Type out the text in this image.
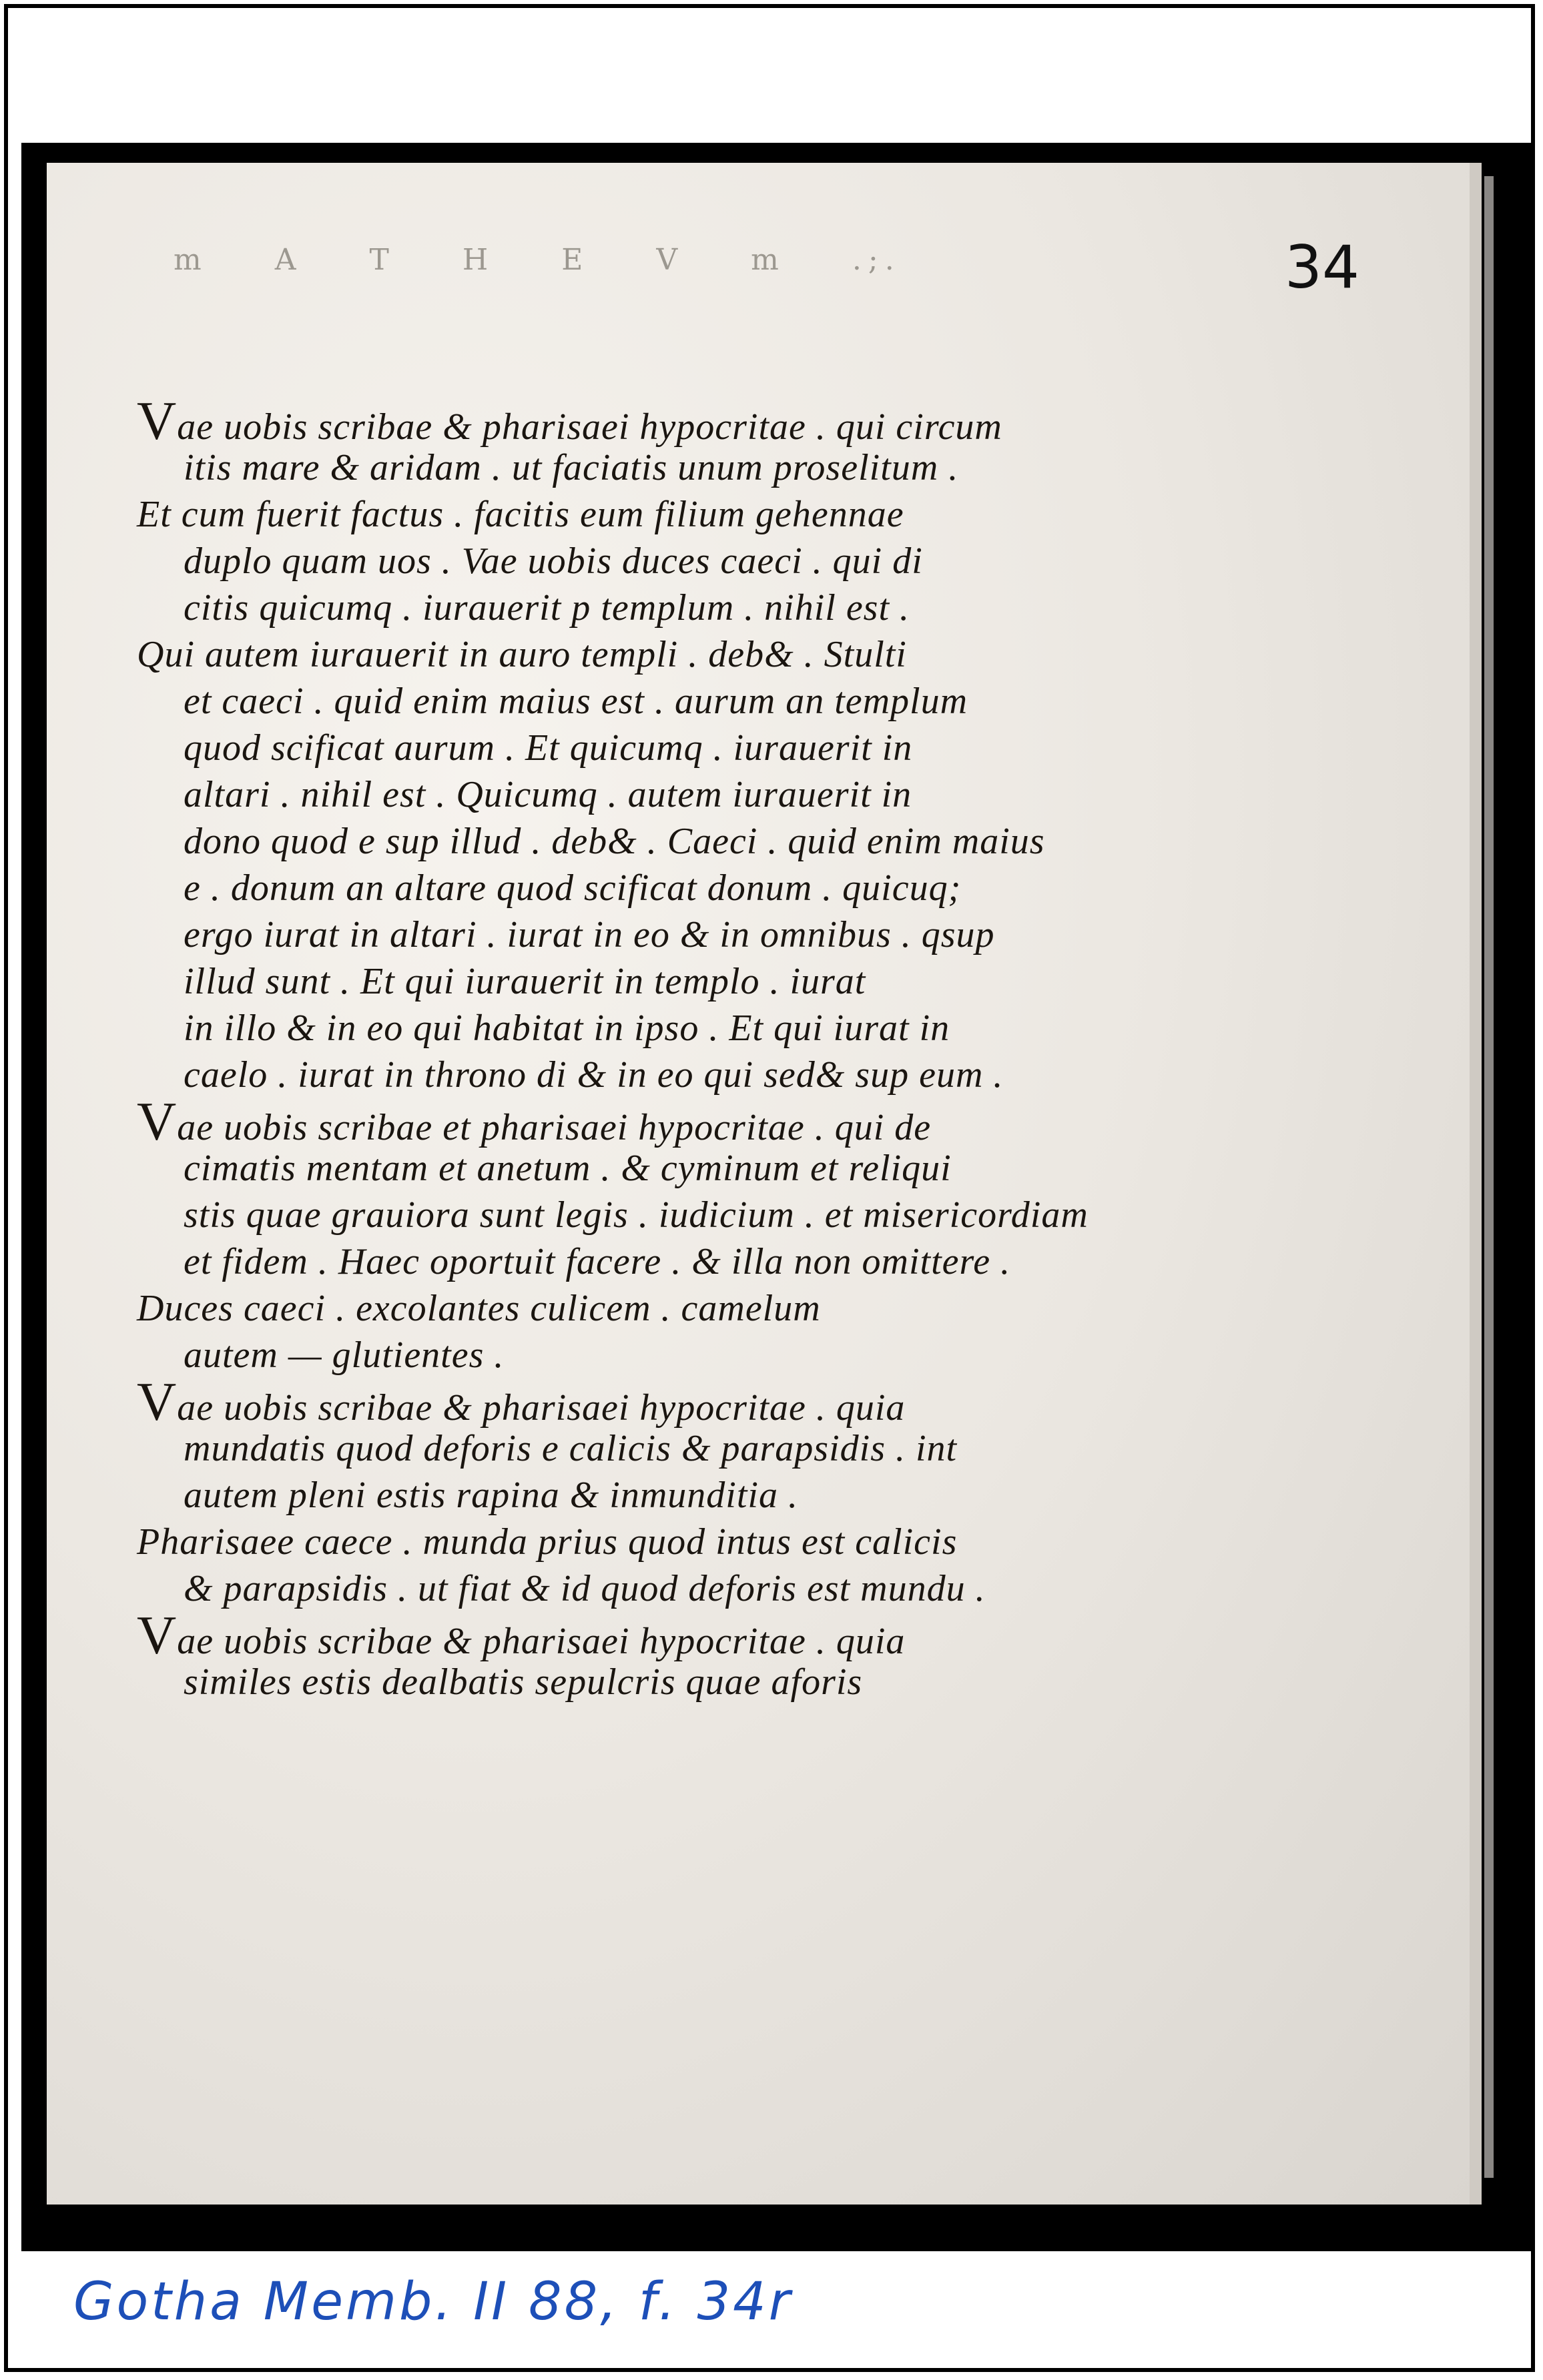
m A T H E V m .;.	34
Vae uobis scribae & pharisaei hypocritae . qui circum
itis mare & aridam . ut faciatis unum proselitum .
Et cum fuerit factus . facitis eum filium gehennae
duplo quam uos . Vae uobis duces caeci . qui di
citis quicumq . iurauerit p templum . nihil est .
Qui autem iurauerit in auro templi . deb& . Stulti
et caeci . quid enim maius est . aurum an templum
quod scificat aurum . Et quicumq . iurauerit in
altari . nihil est . Quicumq . autem iurauerit in
dono quod e sup illud . deb& . Caeci . quid enim maius
e . donum an altare quod scificat donum . quicuq;
ergo iurat in altari . iurat in eo & in omnibus . qsup
illud sunt . Et qui iurauerit in templo . iurat
in illo & in eo qui habitat in ipso . Et qui iurat in
caelo . iurat in throno di & in eo qui sed& sup eum .
Vae uobis scribae et pharisaei hypocritae . qui de
cimatis mentam et anetum . & cyminum et reliqui
stis quae grauiora sunt legis . iudicium . et misericordiam
et fidem . Haec oportuit facere . & illa non omittere .
Duces caeci . excolantes culicem . camelum
autem — glutientes .
Vae uobis scribae & pharisaei hypocritae . quia
mundatis quod deforis e calicis & parapsidis . int
autem pleni estis rapina & inmunditia .
Pharisaee caece . munda prius quod intus est calicis
& parapsidis . ut fiat & id quod deforis est mundu .
Vae uobis scribae & pharisaei hypocritae . quia
similes estis dealbatis sepulcris quae aforis
Gotha Memb. II 88, f. 34r
